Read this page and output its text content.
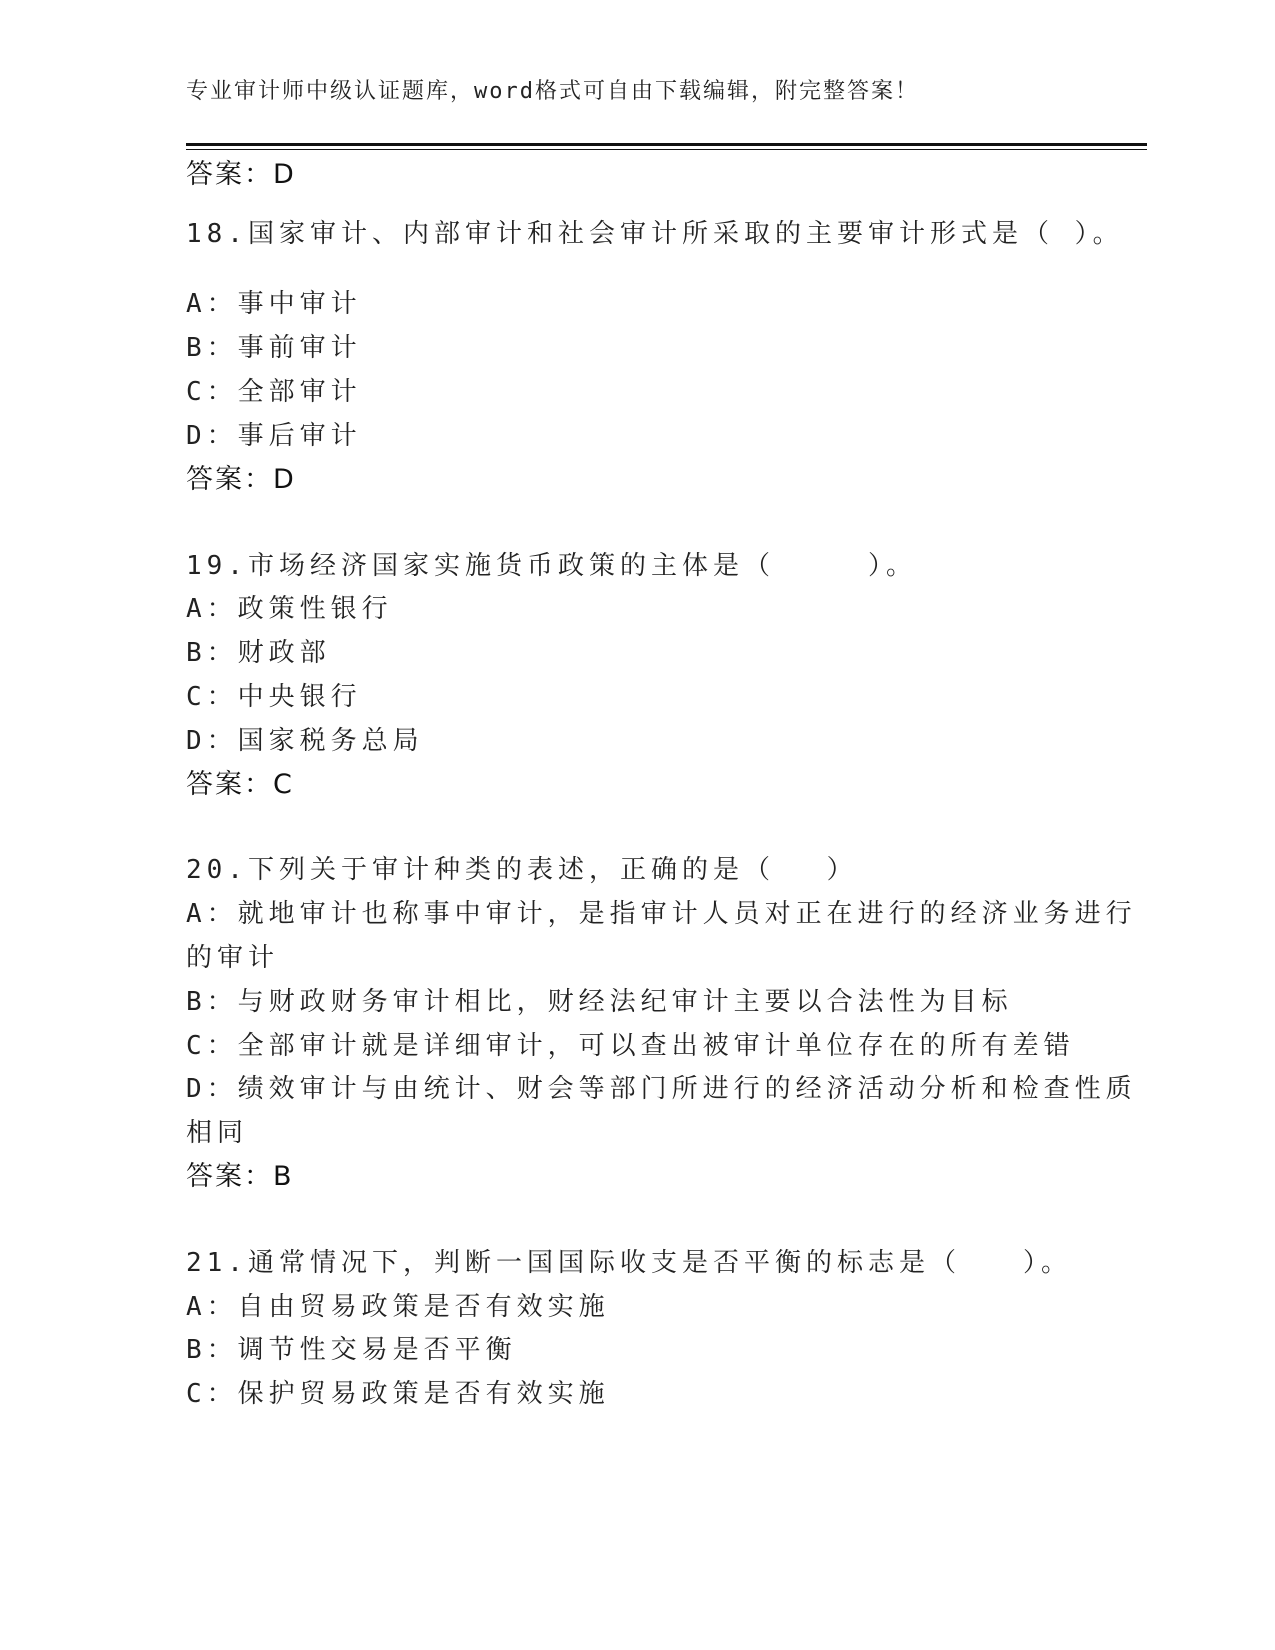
专业审计师中级认证题库，word格式可自由下载编辑，附完整答案！
答案：D
18.国家审计、内部审计和社会审计所采取的主要审计形式是（ ）。
A：事中审计
B：事前审计
C：全部审计
D：事后审计
答案：D
19.市场经济国家实施货币政策的主体是（　　　）。
A：政策性银行
B：财政部
C：中央银行
D：国家税务总局
答案：C
20.下列关于审计种类的表述，正确的是（　 ）
A：就地审计也称事中审计，是指审计人员对正在进行的经济业务进行
的审计
B：与财政财务审计相比，财经法纪审计主要以合法性为目标
C：全部审计就是详细审计，可以查出被审计单位存在的所有差错
D：绩效审计与由统计、财会等部门所进行的经济活动分析和检查性质
相同
答案：B
21.通常情况下，判断一国国际收支是否平衡的标志是（　　）。
A：自由贸易政策是否有效实施
B：调节性交易是否平衡
C：保护贸易政策是否有效实施
